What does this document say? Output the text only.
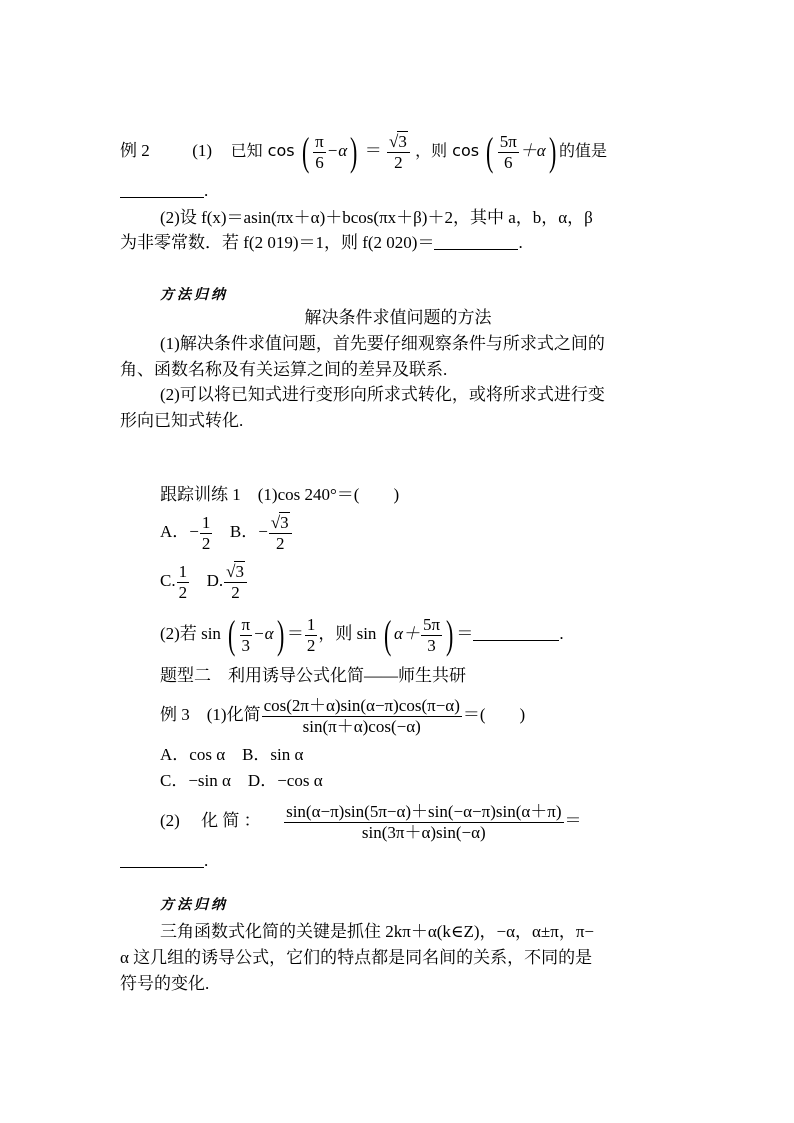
例 2	(1) 已知 cos ( $\frac{\pi}{6} -\alpha) = \frac{√3}{2}$ ，则 cos ( $\frac{5\pi}{6} +\alpha$) 的值是
.
(2)设 f(x)＝asin(πx＋α)＋bcos(πx＋β)＋2，其中 a，b，α，β
为非零常数．若 f(2 019)＝1，则 f(2 020)＝	.
方法归纳
解决条件求值问题的方法
(1)解决条件求值问题，首先要仔细观察条件与所求式之间的
角、函数名称及有关运算之间的差异及联系.
(2)可以将已知式进行变形向所求式转化，或将所求式进行变
形向已知式转化.
跟踪训练 1　(1)cos 240°＝(　　)
A．− $\frac{1}{2}$ B．− $\frac{√3}{2}$
C. $\frac{1}{2} D$. $\frac{√3}{2}$
(2)若 sin ( $\frac{\pi}{3} -\alpha) = \frac{1}{2}$ ，则 sin ( $\alpha+ \frac{5\pi}{3}$ ) ＝	.
题型二　利用诱导公式化简——师生共研
例 3　(1)化简 $\frac{\cos(2\pi+\alpha)\sin(\alpha-\pi)\cos(\pi-\alpha)}{\sin(\pi+\alpha)\cos(-\alpha)}$ ＝(　　)
A．cos α　B．sin α
C．−sin α　D．−cos α
(2)　 化 简 ： $\frac{\sin(\alpha-\pi)\sin(5\pi-\alpha)+\sin(-\alpha-\pi)\sin(\alpha+\pi)}{\sin(3\pi+\alpha)\sin(-\alpha)}$ ＝
.
方法归纳
三角函数式化简的关键是抓住 2kπ＋α(k∈Z)，−α，α±π，π−
α 这几组的诱导公式，它们的特点都是同名间的关系，不同的是
符号的变化.
